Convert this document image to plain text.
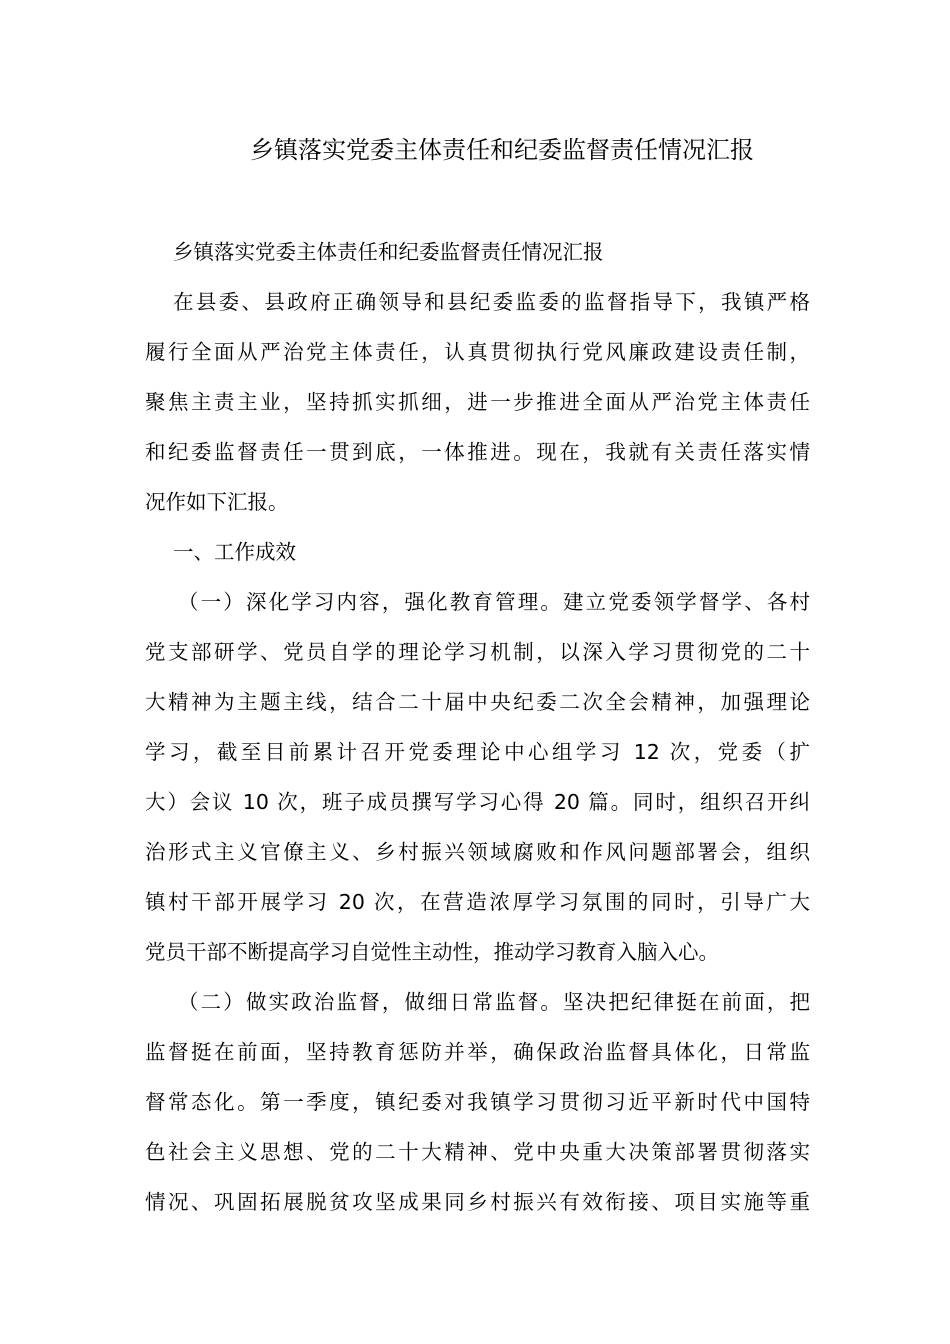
乡镇落实党委主体责任和纪委监督责任情况汇报
乡镇落实党委主体责任和纪委监督责任情况汇报
在县委、县政府正确领导和县纪委监委的监督指导下，我镇严格
履行全面从严治党主体责任，认真贯彻执行党风廉政建设责任制，
聚焦主责主业，坚持抓实抓细，进一步推进全面从严治党主体责任
和纪委监督责任一贯到底，一体推进。现在，我就有关责任落实情
况作如下汇报。
一、工作成效
（一）深化学习内容，强化教育管理。建立党委领学督学、各村
党支部研学、党员自学的理论学习机制，以深入学习贯彻党的二十
大精神为主题主线，结合二十届中央纪委二次全会精神，加强理论
学习，截至目前累计召开党委理论中心组学习 12 次，党委（扩
大）会议 10 次，班子成员撰写学习心得 20 篇。同时，组织召开纠
治形式主义官僚主义、乡村振兴领域腐败和作风问题部署会，组织
镇村干部开展学习 20 次，在营造浓厚学习氛围的同时，引导广大
党员干部不断提高学习自觉性主动性，推动学习教育入脑入心。
（二）做实政治监督，做细日常监督。坚决把纪律挺在前面，把
监督挺在前面，坚持教育惩防并举，确保政治监督具体化，日常监
督常态化。第一季度，镇纪委对我镇学习贯彻习近平新时代中国特
色社会主义思想、党的二十大精神、党中央重大决策部署贯彻落实
情况、巩固拓展脱贫攻坚成果同乡村振兴有效衔接、项目实施等重
